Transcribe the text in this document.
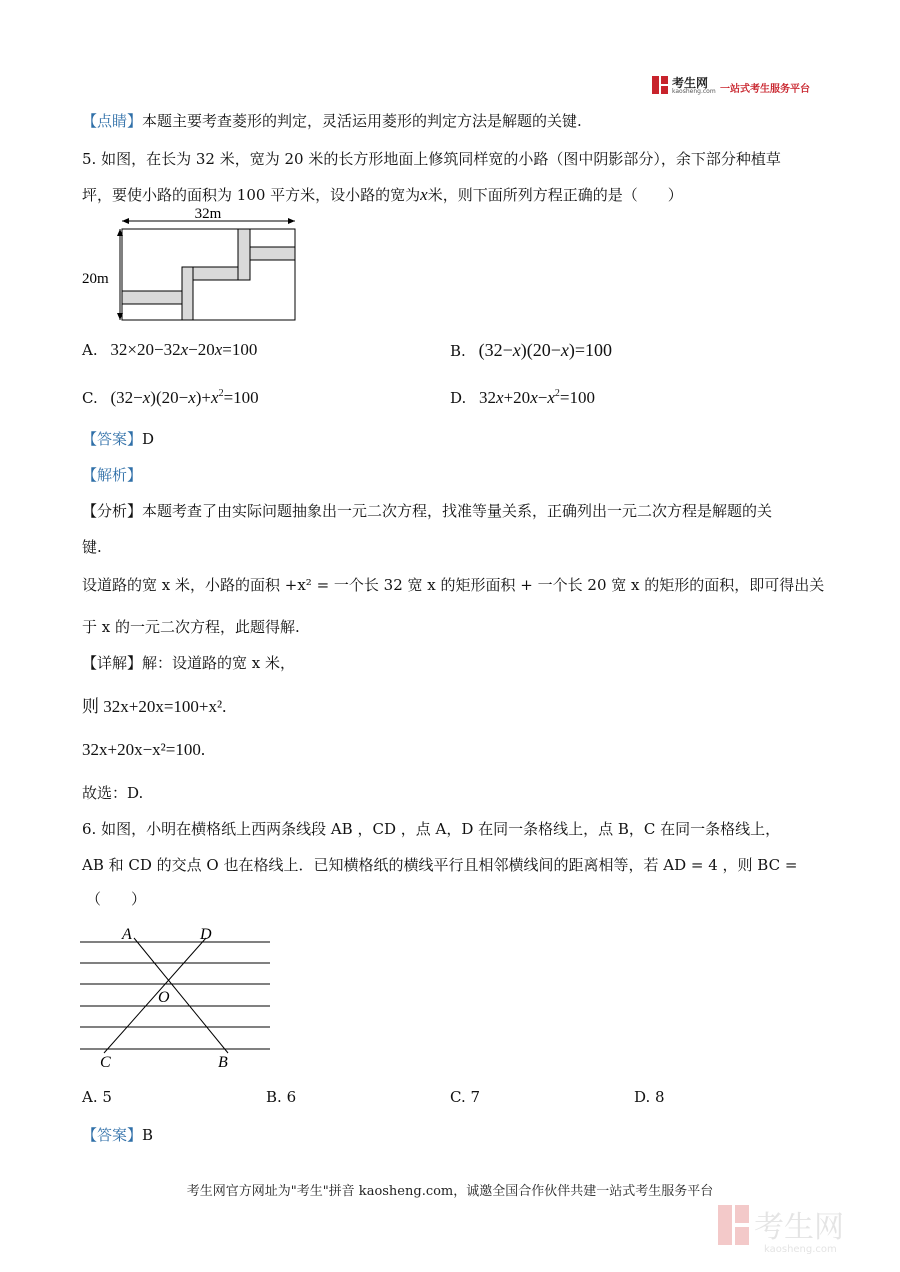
考生网
kaosheng.com 一站式考生服务平台
【点睛】本题主要考查菱形的判定，灵活运用菱形的判定方法是解题的关键.
5. 如图，在长为 32 米，宽为 20 米的长方形地面上修筑同样宽的小路（图中阴影部分），余下部分种植草
坪，要使小路的面积为 100 平方米，设小路的宽为x米，则下面所列方程正确的是（　　）
32m
20m
A. 32×20−32x−20x=100	B. (32−x)(20−x)=100
C. $(32-x)(20-x)+x^2=100$	D. $32x+20x-x^2=100$
【答案】D
【解析】
【分析】本题考查了由实际问题抽象出一元二次方程，找准等量关系，正确列出一元二次方程是解题的关
键.
设道路的宽 x 米，小路的面积 +x² = 一个长 32 宽 x 的矩形面积 + 一个长 20 宽 x 的矩形的面积，即可得出关
于 x 的一元二次方程，此题得解.
【详解】解：设道路的宽 x 米，
则 32x+20x=100+x².
32x+20x−x²=100.
故选：D.
6. 如图，小明在横格纸上西两条线段 AB ，CD ，点 A，D 在同一条格线上，点 B，C 在同一条格线上，
AB 和 CD 的交点 O 也在格线上．已知横格纸的横线平行且相邻横线间的距离相等，若 AD = 4 ，则 BC =
（　　）
A	D
O
C	B
A. 5	B. 6	C. 7	D. 8
【答案】B
考生网官方网址为"考生"拼音 kaosheng.com，诚邀全国合作伙伴共建一站式考生服务平台
考生网
kaosheng.com
